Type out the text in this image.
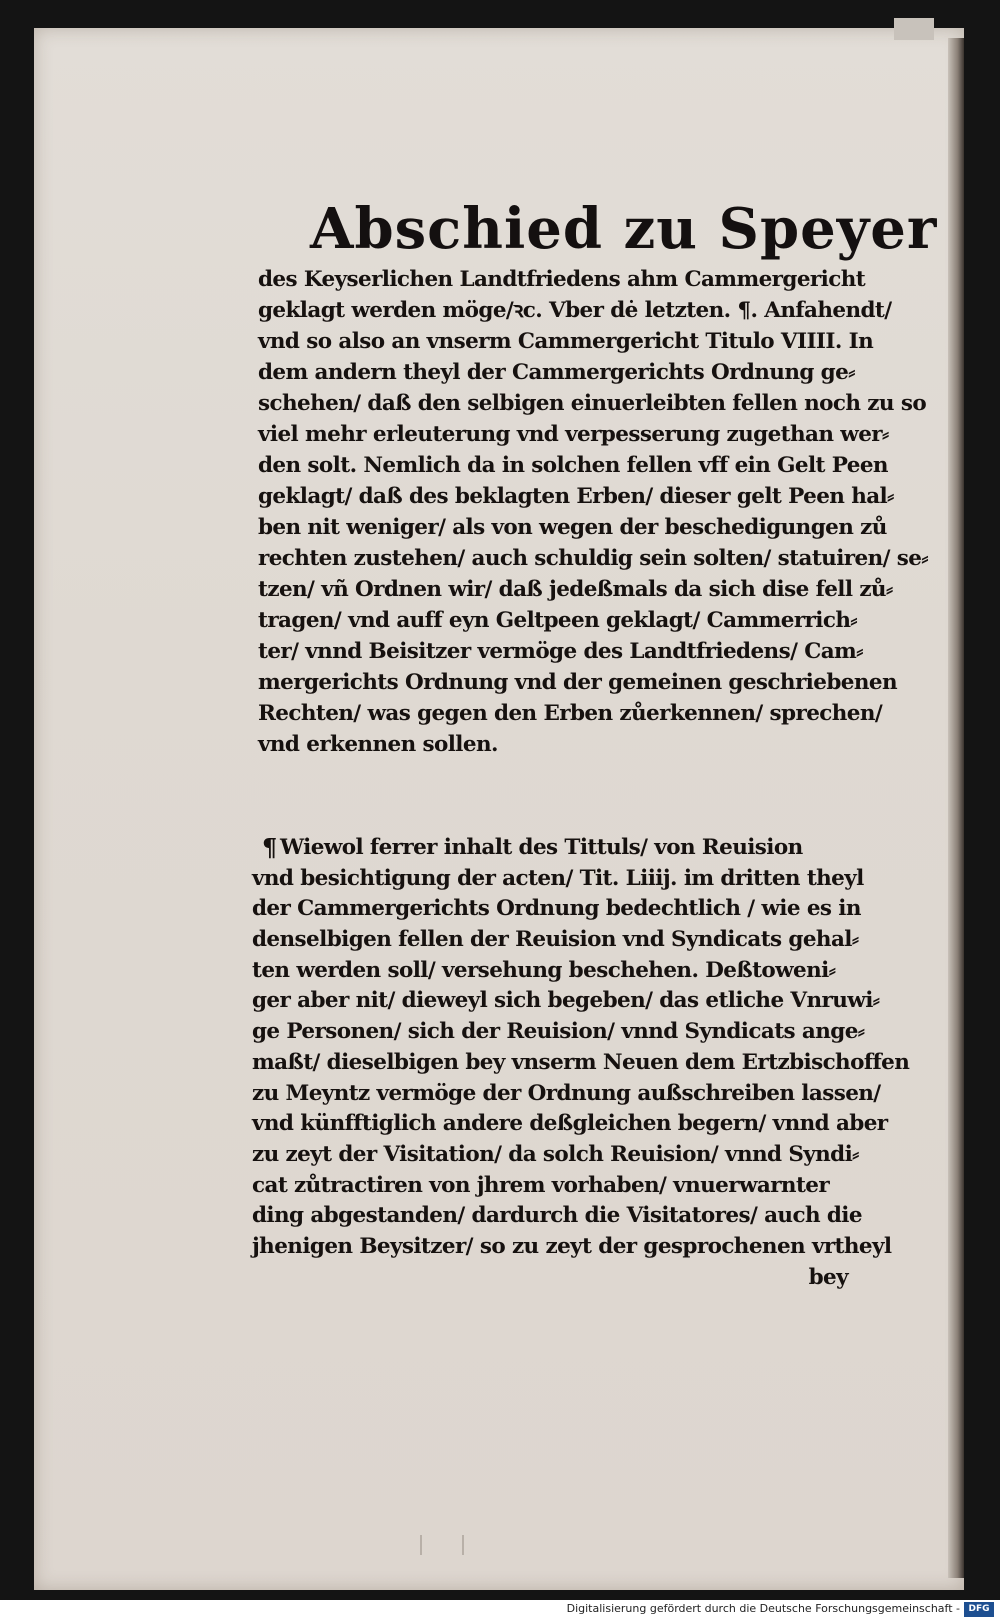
Abschied zu Speyer
des Keyserlichen Landtfriedens ahm Cammergericht
geklagt werden möge/ꝛc. Vber dė letzten. ¶. Anfahendt/
vnd so also an vnserm Cammergericht Titulo VIIII. In
dem andern theyl der Cammergerichts Ordnung ge⸗
schehen/ daß den selbigen einuerleibten fellen noch zu so
viel mehr erleuterung vnd verpesserung zugethan wer⸗
den solt. Nemlich da in solchen fellen vff ein Gelt Peen
geklagt/ daß des beklagten Erben/ dieser gelt Peen hal⸗
ben nit weniger/ als von wegen der beschedigungen zů
rechten zustehen/ auch schuldig sein solten/ statuiren/ se⸗
tzen/ vñ Ordnen wir/ daß jedeßmals da sich dise fell zů⸗
tragen/ vnd auff eyn Geltpeen geklagt/ Cammerrich⸗
ter/ vnnd Beisitzer vermöge des Landtfriedens/ Cam⸗
mergerichts Ordnung vnd der gemeinen geschriebenen
Rechten/ was gegen den Erben zůerkennen/ sprechen/
vnd erkennen sollen.
Wiewol ferrer inhalt des Tittuls/ von Reuision
vnd besichtigung der acten/ Tit. Liiij. im dritten theyl
der Cammergerichts Ordnung bedechtlich / wie es in
denselbigen fellen der Reuision vnd Syndicats gehal⸗
ten werden soll/ versehung beschehen. Deßtoweni⸗
ger aber nit/ dieweyl sich begeben/ das etliche Vnruwi⸗
ge Personen/ sich der Reuision/ vnnd Syndicats ange⸗
maßt/ dieselbigen bey vnserm Neuen dem Ertzbischoffen
zu Meyntz vermöge der Ordnung außschreiben lassen/
vnd künfftiglich andere deßgleichen begern/ vnnd aber
zu zeyt der Visitation/ da solch Reuision/ vnnd Syndi⸗
cat zůtractiren von jhrem vorhaben/ vnuerwarnter
ding abgestanden/ dardurch die Visitatores/ auch die
jhenigen Beysitzer/ so zu zeyt der gesprochenen vrtheyl
bey
Digitalisierung gefördert durch die Deutsche Forschungsgemeinschaft - DFG
¶
